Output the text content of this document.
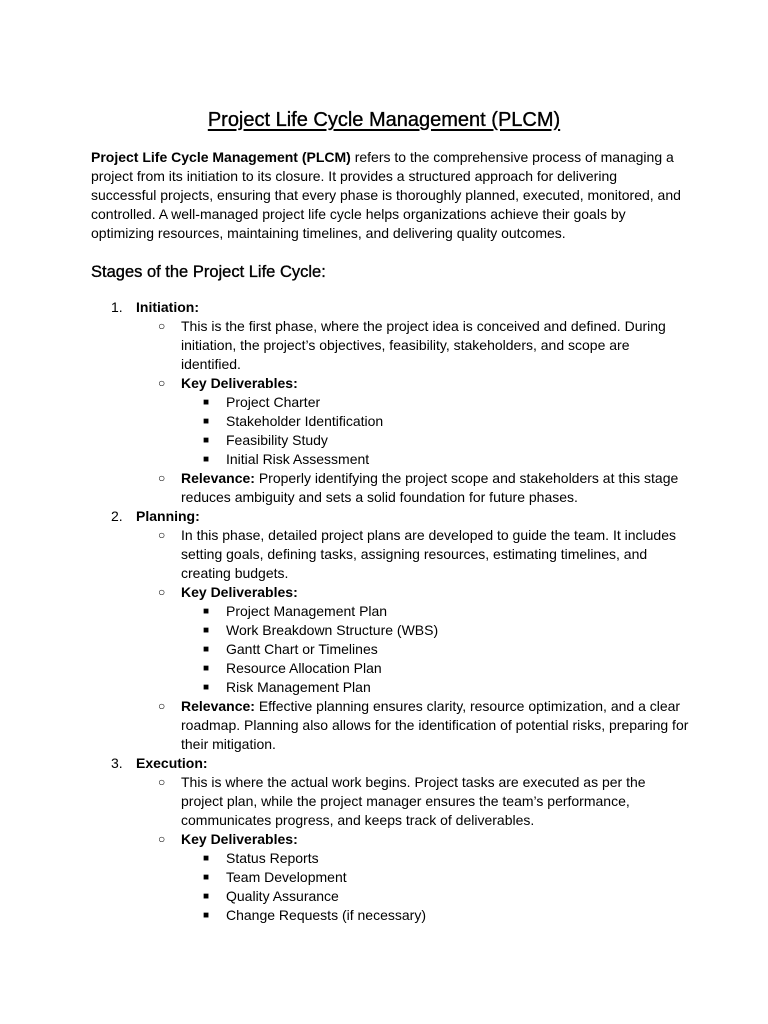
Project Life Cycle Management (PLCM)

Project Life Cycle Management (PLCM) refers to the comprehensive process of managing a project from its initiation to its closure. It provides a structured approach for delivering successful projects, ensuring that every phase is thoroughly planned, executed, monitored, and controlled. A well-managed project life cycle helps organizations achieve their goals by optimizing resources, maintaining timelines, and delivering quality outcomes.

Stages of the Project Life Cycle:
1. Initiation:
○ This is the first phase, where the project idea is conceived and defined. During initiation, the project’s objectives, feasibility, stakeholders, and scope are identified.
○ Key Deliverables:
■ Project Charter
■ Stakeholder Identification
■ Feasibility Study
■ Initial Risk Assessment
○ Relevance: Properly identifying the project scope and stakeholders at this stage reduces ambiguity and sets a solid foundation for future phases.
2. Planning:
○ In this phase, detailed project plans are developed to guide the team. It includes setting goals, defining tasks, assigning resources, estimating timelines, and creating budgets.
○ Key Deliverables:
■ Project Management Plan
■ Work Breakdown Structure (WBS)
■ Gantt Chart or Timelines
■ Resource Allocation Plan
■ Risk Management Plan
○ Relevance: Effective planning ensures clarity, resource optimization, and a clear roadmap. Planning also allows for the identification of potential risks, preparing for their mitigation.
3. Execution:
○ This is where the actual work begins. Project tasks are executed as per the project plan, while the project manager ensures the team’s performance, communicates progress, and keeps track of deliverables.
○ Key Deliverables:
■ Status Reports
■ Team Development
■ Quality Assurance
■ Change Requests (if necessary)
